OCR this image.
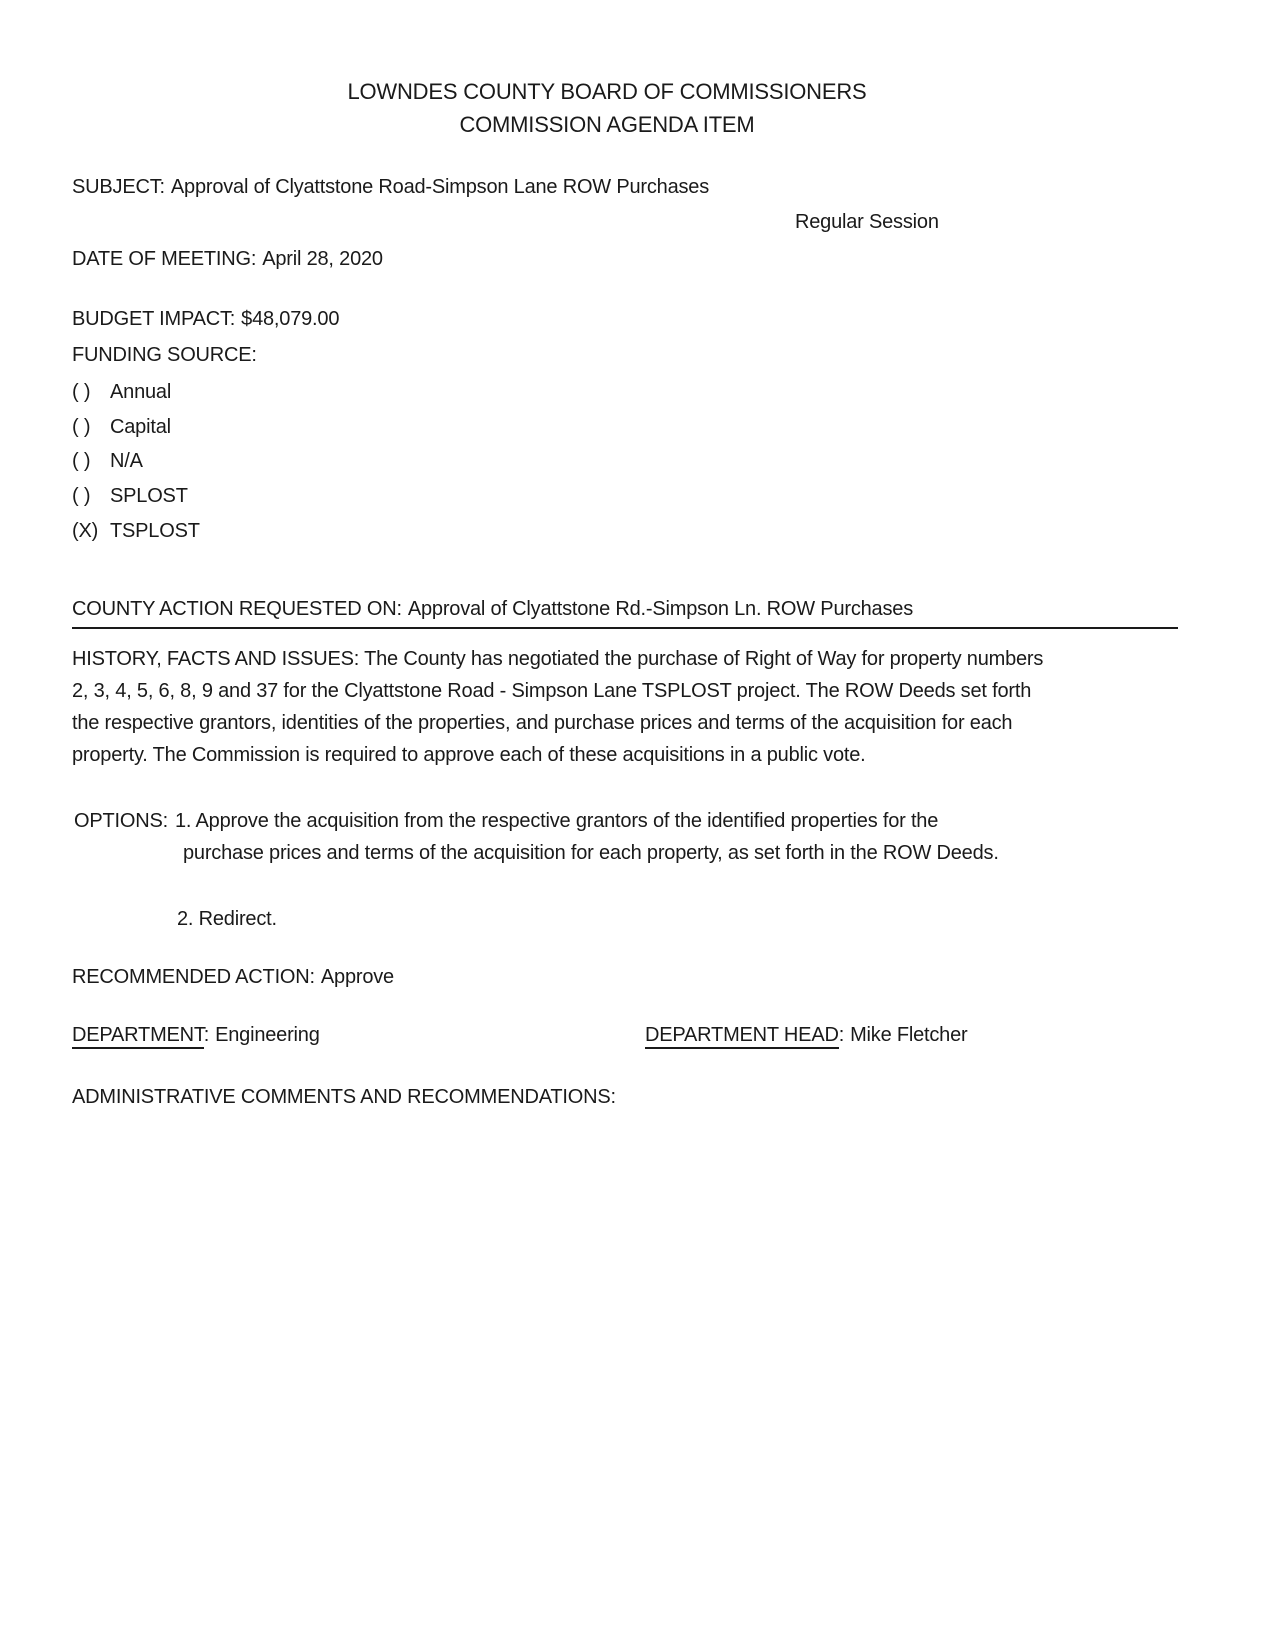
LOWNDES COUNTY BOARD OF COMMISSIONERS
COMMISSION AGENDA ITEM
SUBJECT: Approval of Clyattstone Road-Simpson Lane ROW Purchases
Regular Session
DATE OF MEETING: April 28, 2020
BUDGET IMPACT: $48,079.00
FUNDING SOURCE:
( ) Annual
( ) Capital
( ) N/A
( ) SPLOST
(X) TSPLOST
COUNTY ACTION REQUESTED ON: Approval of Clyattstone Rd.-Simpson Ln. ROW Purchases
HISTORY, FACTS AND ISSUES: The County has negotiated the purchase of Right of Way for property numbers
2, 3, 4, 5, 6, 8, 9 and 37 for the Clyattstone Road - Simpson Lane TSPLOST project. The ROW Deeds set forth
the respective grantors, identities of the properties, and purchase prices and terms of the acquisition for each
property. The Commission is required to approve each of these acquisitions in a public vote.
OPTIONS: 1. Approve the acquisition from the respective grantors of the identified properties for the
purchase prices and terms of the acquisition for each property, as set forth in the ROW Deeds.
2. Redirect.
RECOMMENDED ACTION: Approve
DEPARTMENT: Engineering	DEPARTMENT HEAD: Mike Fletcher
ADMINISTRATIVE COMMENTS AND RECOMMENDATIONS:
